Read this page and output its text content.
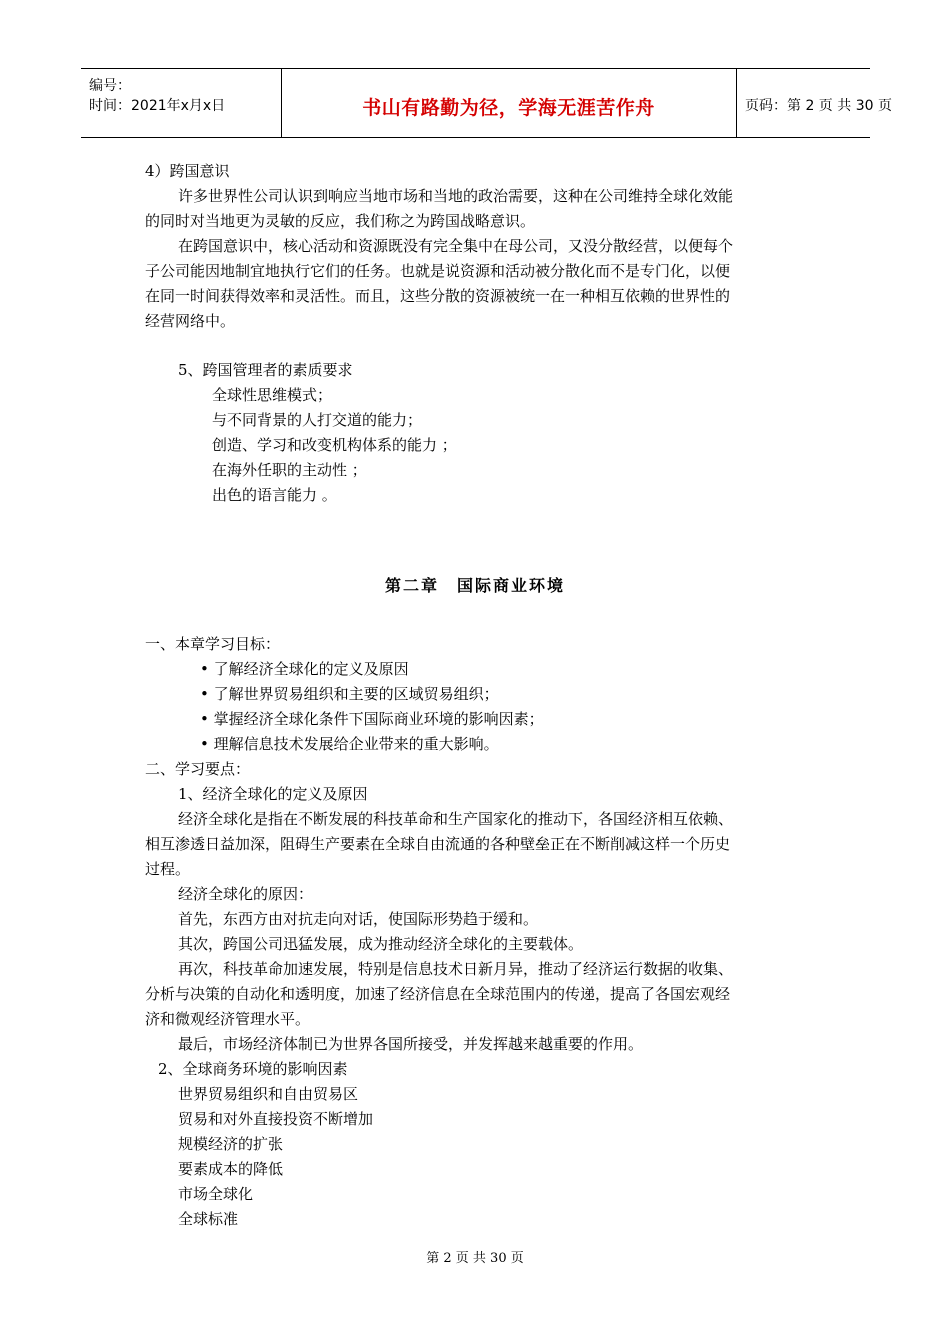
编号：
时间：2021年x月x日	书山有路勤为径，学海无涯苦作舟	页码：第 2 页 共 30 页
4）跨国意识
许多世界性公司认识到响应当地市场和当地的政治需要，这种在公司维持全球化效能
的同时对当地更为灵敏的反应，我们称之为跨国战略意识。
在跨国意识中，核心活动和资源既没有完全集中在母公司，又没分散经营，以便每个
子公司能因地制宜地执行它们的任务。也就是说资源和活动被分散化而不是专门化，以便
在同一时间获得效率和灵活性。而且，这些分散的资源被统一在一种相互依赖的世界性的
经营网络中。
5、跨国管理者的素质要求
全球性思维模式；
与不同背景的人打交道的能力；
创造、学习和改变机构体系的能力 ；
在海外任职的主动性 ；
出色的语言能力 。
第二章　国际商业环境
一、本章学习目标：
• 了解经济全球化的定义及原因
• 了解世界贸易组织和主要的区域贸易组织；
• 掌握经济全球化条件下国际商业环境的影响因素；
• 理解信息技术发展给企业带来的重大影响。
二、学习要点：
1、经济全球化的定义及原因
经济全球化是指在不断发展的科技革命和生产国家化的推动下，各国经济相互依赖、
相互渗透日益加深，阻碍生产要素在全球自由流通的各种壁垒正在不断削减这样一个历史
过程。
经济全球化的原因：
首先，东西方由对抗走向对话，使国际形势趋于缓和。
其次，跨国公司迅猛发展，成为推动经济全球化的主要载体。
再次，科技革命加速发展，特别是信息技术日新月异，推动了经济运行数据的收集、
分析与决策的自动化和透明度，加速了经济信息在全球范围内的传递，提高了各国宏观经
济和微观经济管理水平。
最后，市场经济体制已为世界各国所接受，并发挥越来越重要的作用。
2、全球商务环境的影响因素
世界贸易组织和自由贸易区
贸易和对外直接投资不断增加
规模经济的扩张
要素成本的降低
市场全球化
全球标准
第 2 页 共 30 页
